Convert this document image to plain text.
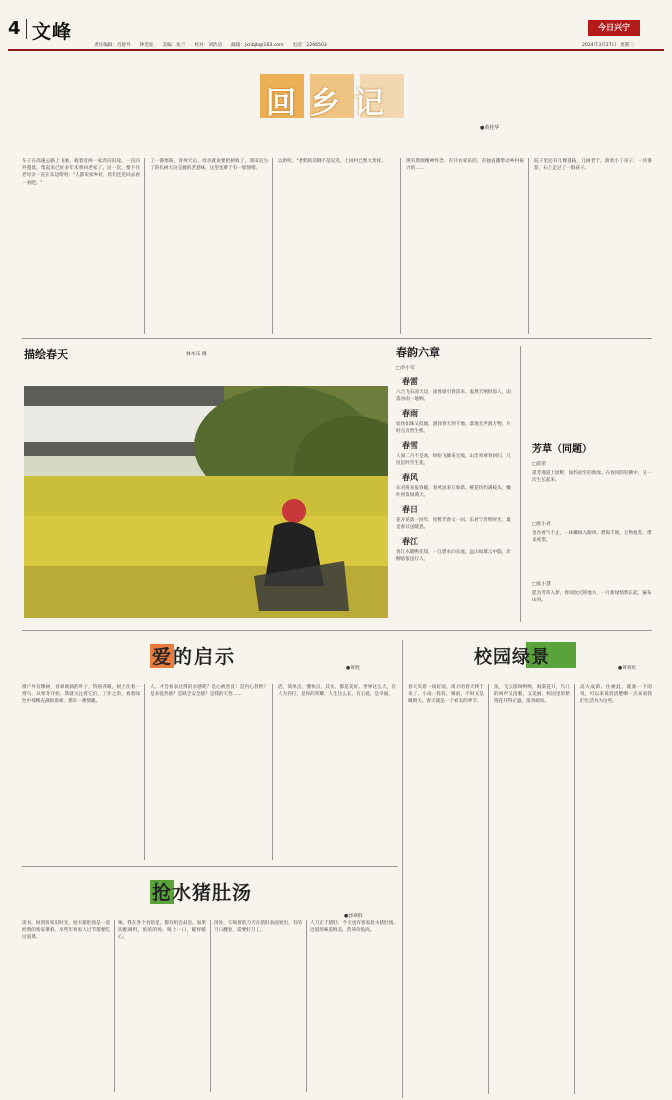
4 文峰	今日兴宁
责任编辑：肖舒丹 钟金征 美编：张兰 校对：刘浩洁 邮箱：jxnbjb@163.com 电话：2266503	2024年3月27日 星期三
回乡记
●黄桂华
车子在高速公路上飞驰，载着近两一家奔向旧途。一直向外蔓延，集起来已好多年未曾回老家了。这一次，要不住老母亲一直在耳边唠叨："人都说家乡好，你们还是回去看一看吧。"
了一番寒暄，青州天后，母亲就说要把树收了，那田是为了的孔树大这完她的老意味，这里也难于有一股情绪。
以聆听。"老奶的话倒不是玩笑，上回村已然大变样。	现有资源精神怀念，有开农家乐的，有独直播带动乡村振兴的……
院子里还有几棵荔枝，几树老于，荫着小了身子，一块番茄，石上走过了一群孩子。
描绘春天	林木乐 摄	春韵六章
□李小军
春雷
六合飞石凉天边，雨香谁引春雷来。轰然天响恒惊人，雨落谷雨一地响。
春雨
如丝如珠又似烟，润泽春天到千地。落地无声润万物，片时点点皆生机。
春雪
人间二月不是冰，纷纷飞舞来无痕。山峦青翠春回归，几度沉吟雪生花。
春风
东君将来报春暖，春风送来万象新。桃花灼灼满枝头，嫩叶初发绿满天。
春日
花开花落一回年，短暂芳春又一回。东君宁肯给时光，最是春日送暖意。
春江
春江水暖鸭先知，一江碧水向东流。远山如黛云中隐，岸柳依依送行人。
芳草（同题）
□雷荣
遥芳漫道上原野，如约而至的新绿。在春风的轻拂中，又一次生长起来。
□张小君
金谷香气不止，一抹嫩绿入眼帘。碧海千顷，万物复苏，带来希望。
□张小慧
愿为芳草入梦，春风吹过的地方，一片新绿悄然长起，遍布山河。
爱的启示
●黄胜
窗户外有棵树，青翠欲滴的叶子，特别养眼。树上住着一窝鸟。从寒冬开始，我就关注着它们。工作之余，看着绿色中那棵充满的翡翠，那有一番情趣。
人，才会看表达得的亲感呢？是心被善良！是内心甚智？是多爱善感？是缺乏安全感？是我的天性……
活，简单点，懂快点，其实，都是美好。世界这么大，有人为你打，是你的荣耀；人生这么长，有心爱，是幸福。
校园绿景
●黄荷红
春天夹着一场好雨，周方的春天终于来了，小雨一阵阵，细雨，不时又是晴朗天。春天就是一个看美的季节。
鱼，飞云游叫鸭鸭，海棠花开，鸟儿的叫声又清脆，又美丽。校园里的紫荆花开得正盛，落英缤纷。
高大成荫。住树此，就新一下的说，可以来说清清楚晰一点来看我们生活为为这些。
抢水猪肚汤
●郭翠群
读书，回到客家旧时光，抢水猪肚汤是一道经典的客家菜肴。早些年客家人过节都要吃这道菜。
味，我在各个食馆里，都有机会品尝。加果切配调料，浓浓的汤，喝上一口，暖胃暖心。
汤处。乍喝着的刀刃在猪肚表面划出，有的刀口翻卷，需要好刀工。
人刀正于猪肚：今天也有客家抢水猪肚汤。这道汤味道鲜美，营养价值高。
